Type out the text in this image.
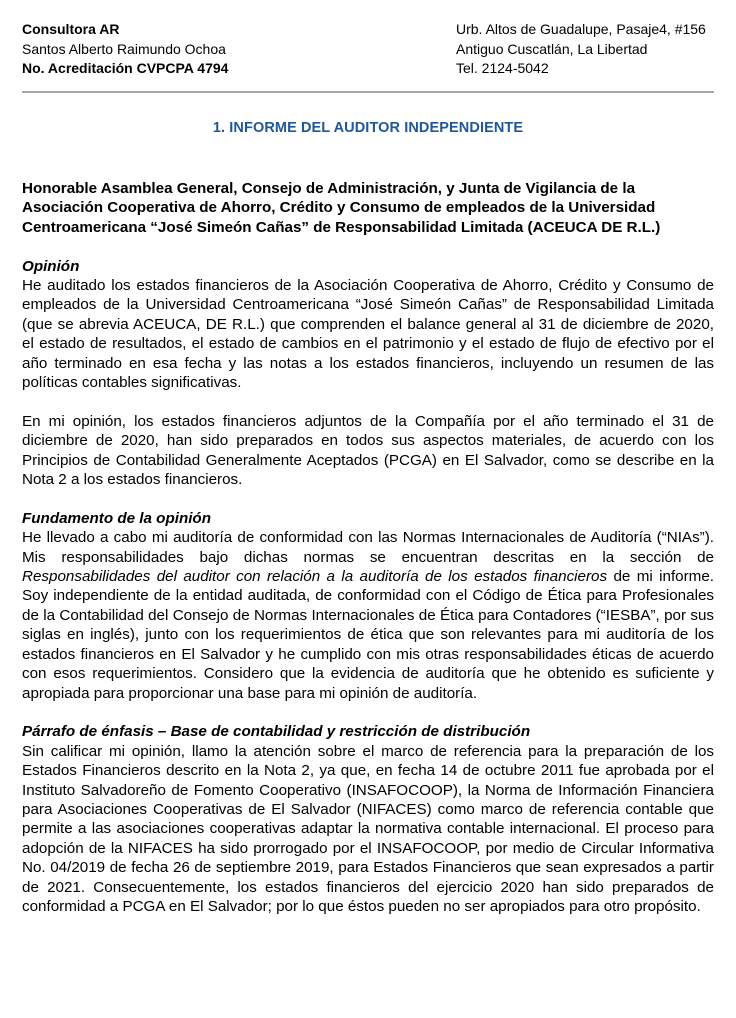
Consultora AR
Santos Alberto Raimundo Ochoa
No. Acreditación CVPCPA 4794
Urb. Altos de Guadalupe, Pasaje4, #156
Antiguo Cuscatlán, La Libertad
Tel. 2124-5042
1. INFORME DEL AUDITOR INDEPENDIENTE

Honorable Asamblea General, Consejo de Administración, y Junta de Vigilancia de la Asociación Cooperativa de Ahorro, Crédito y Consumo de empleados de la Universidad Centroamericana “José Simeón Cañas” de Responsabilidad Limitada (ACEUCA DE R.L.)

Opinión

He auditado los estados financieros de la Asociación Cooperativa de Ahorro, Crédito y Consumo de empleados de la Universidad Centroamericana “José Simeón Cañas” de Responsabilidad Limitada (que se abrevia ACEUCA, DE R.L.) que comprenden el balance general al 31 de diciembre de 2020, el estado de resultados, el estado de cambios en el patrimonio y el estado de flujo de efectivo por el año terminado en esa fecha y las notas a los estados financieros, incluyendo un resumen de las políticas contables significativas.

En mi opinión, los estados financieros adjuntos de la Compañía por el año terminado el 31 de diciembre de 2020, han sido preparados en todos sus aspectos materiales, de acuerdo con los Principios de Contabilidad Generalmente Aceptados (PCGA) en El Salvador, como se describe en la Nota 2 a los estados financieros.

Fundamento de la opinión

He llevado a cabo mi auditoría de conformidad con las Normas Internacionales de Auditoría (“NIAs”). Mis responsabilidades bajo dichas normas se encuentran descritas en la sección de Responsabilidades del auditor con relación a la auditoría de los estados financieros de mi informe. Soy independiente de la entidad auditada, de conformidad con el Código de Ética para Profesionales de la Contabilidad del Consejo de Normas Internacionales de Ética para Contadores (“IESBA”, por sus siglas en inglés), junto con los requerimientos de ética que son relevantes para mi auditoría de los estados financieros en El Salvador y he cumplido con mis otras responsabilidades éticas de acuerdo con esos requerimientos. Considero que la evidencia de auditoría que he obtenido es suficiente y apropiada para proporcionar una base para mi opinión de auditoría.

Párrafo de énfasis – Base de contabilidad y restricción de distribución

Sin calificar mi opinión, llamo la atención sobre el marco de referencia para la preparación de los Estados Financieros descrito en la Nota 2, ya que, en fecha 14 de octubre 2011 fue aprobada por el Instituto Salvadoreño de Fomento Cooperativo (INSAFOCOOP), la Norma de Información Financiera para Asociaciones Cooperativas de El Salvador (NIFACES) como marco de referencia contable que permite a las asociaciones cooperativas adaptar la normativa contable internacional. El proceso para adopción de la NIFACES ha sido prorrogado por el INSAFOCOOP, por medio de Circular Informativa No. 04/2019 de fecha 26 de septiembre 2019, para Estados Financieros que sean expresados a partir de 2021. Consecuentemente, los estados financieros del ejercicio 2020 han sido preparados de conformidad a PCGA en El Salvador; por lo que éstos pueden no ser apropiados para otro propósito.
